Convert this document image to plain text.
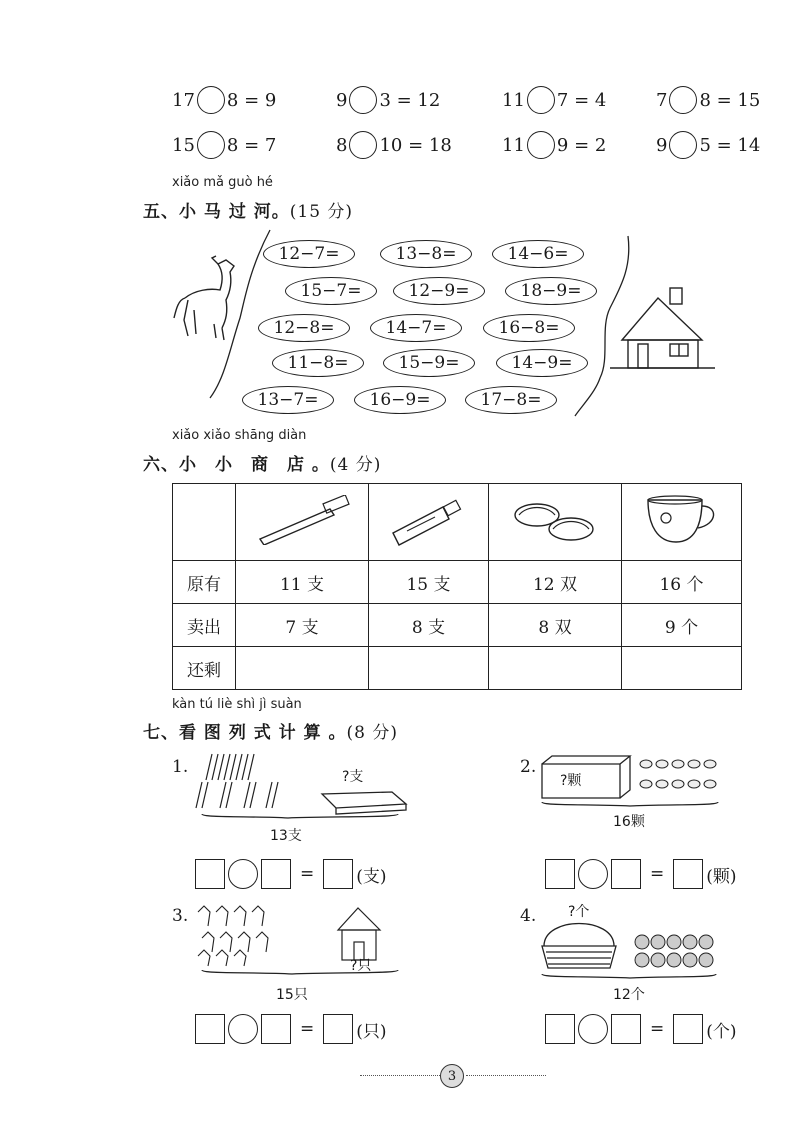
17 8 = 9	9 3 = 12	11 7 = 4	7 8 = 15
15 8 = 7	8 10 = 18	11 9 = 2	9 5 = 14
xiǎo mǎ guò hé
五、小 马 过 河。(15 分)
12−7=	13−8=	14−6=
15−7=	12−9=	18−9=
12−8=	14−7=	16−8=
11−8=	15−9=	14−9=
13−7=	16−9=	17−8=
xiǎo xiǎo shāng diàn
六、小　小　商　店 。(4 分)

原有	11 支	15 支	12 双	16 个
卖出	7 支	8 支	8 双	9 个
还剩				
kàn tú liè shì jì suàn
七、看 图 列 式 计 算 。(8 分)
1.	?支
13支
= (支)
2.
?颗
16颗
= (颗)
3.
?只
15只
= (只)
4. ?个
12个
= (个)
3
